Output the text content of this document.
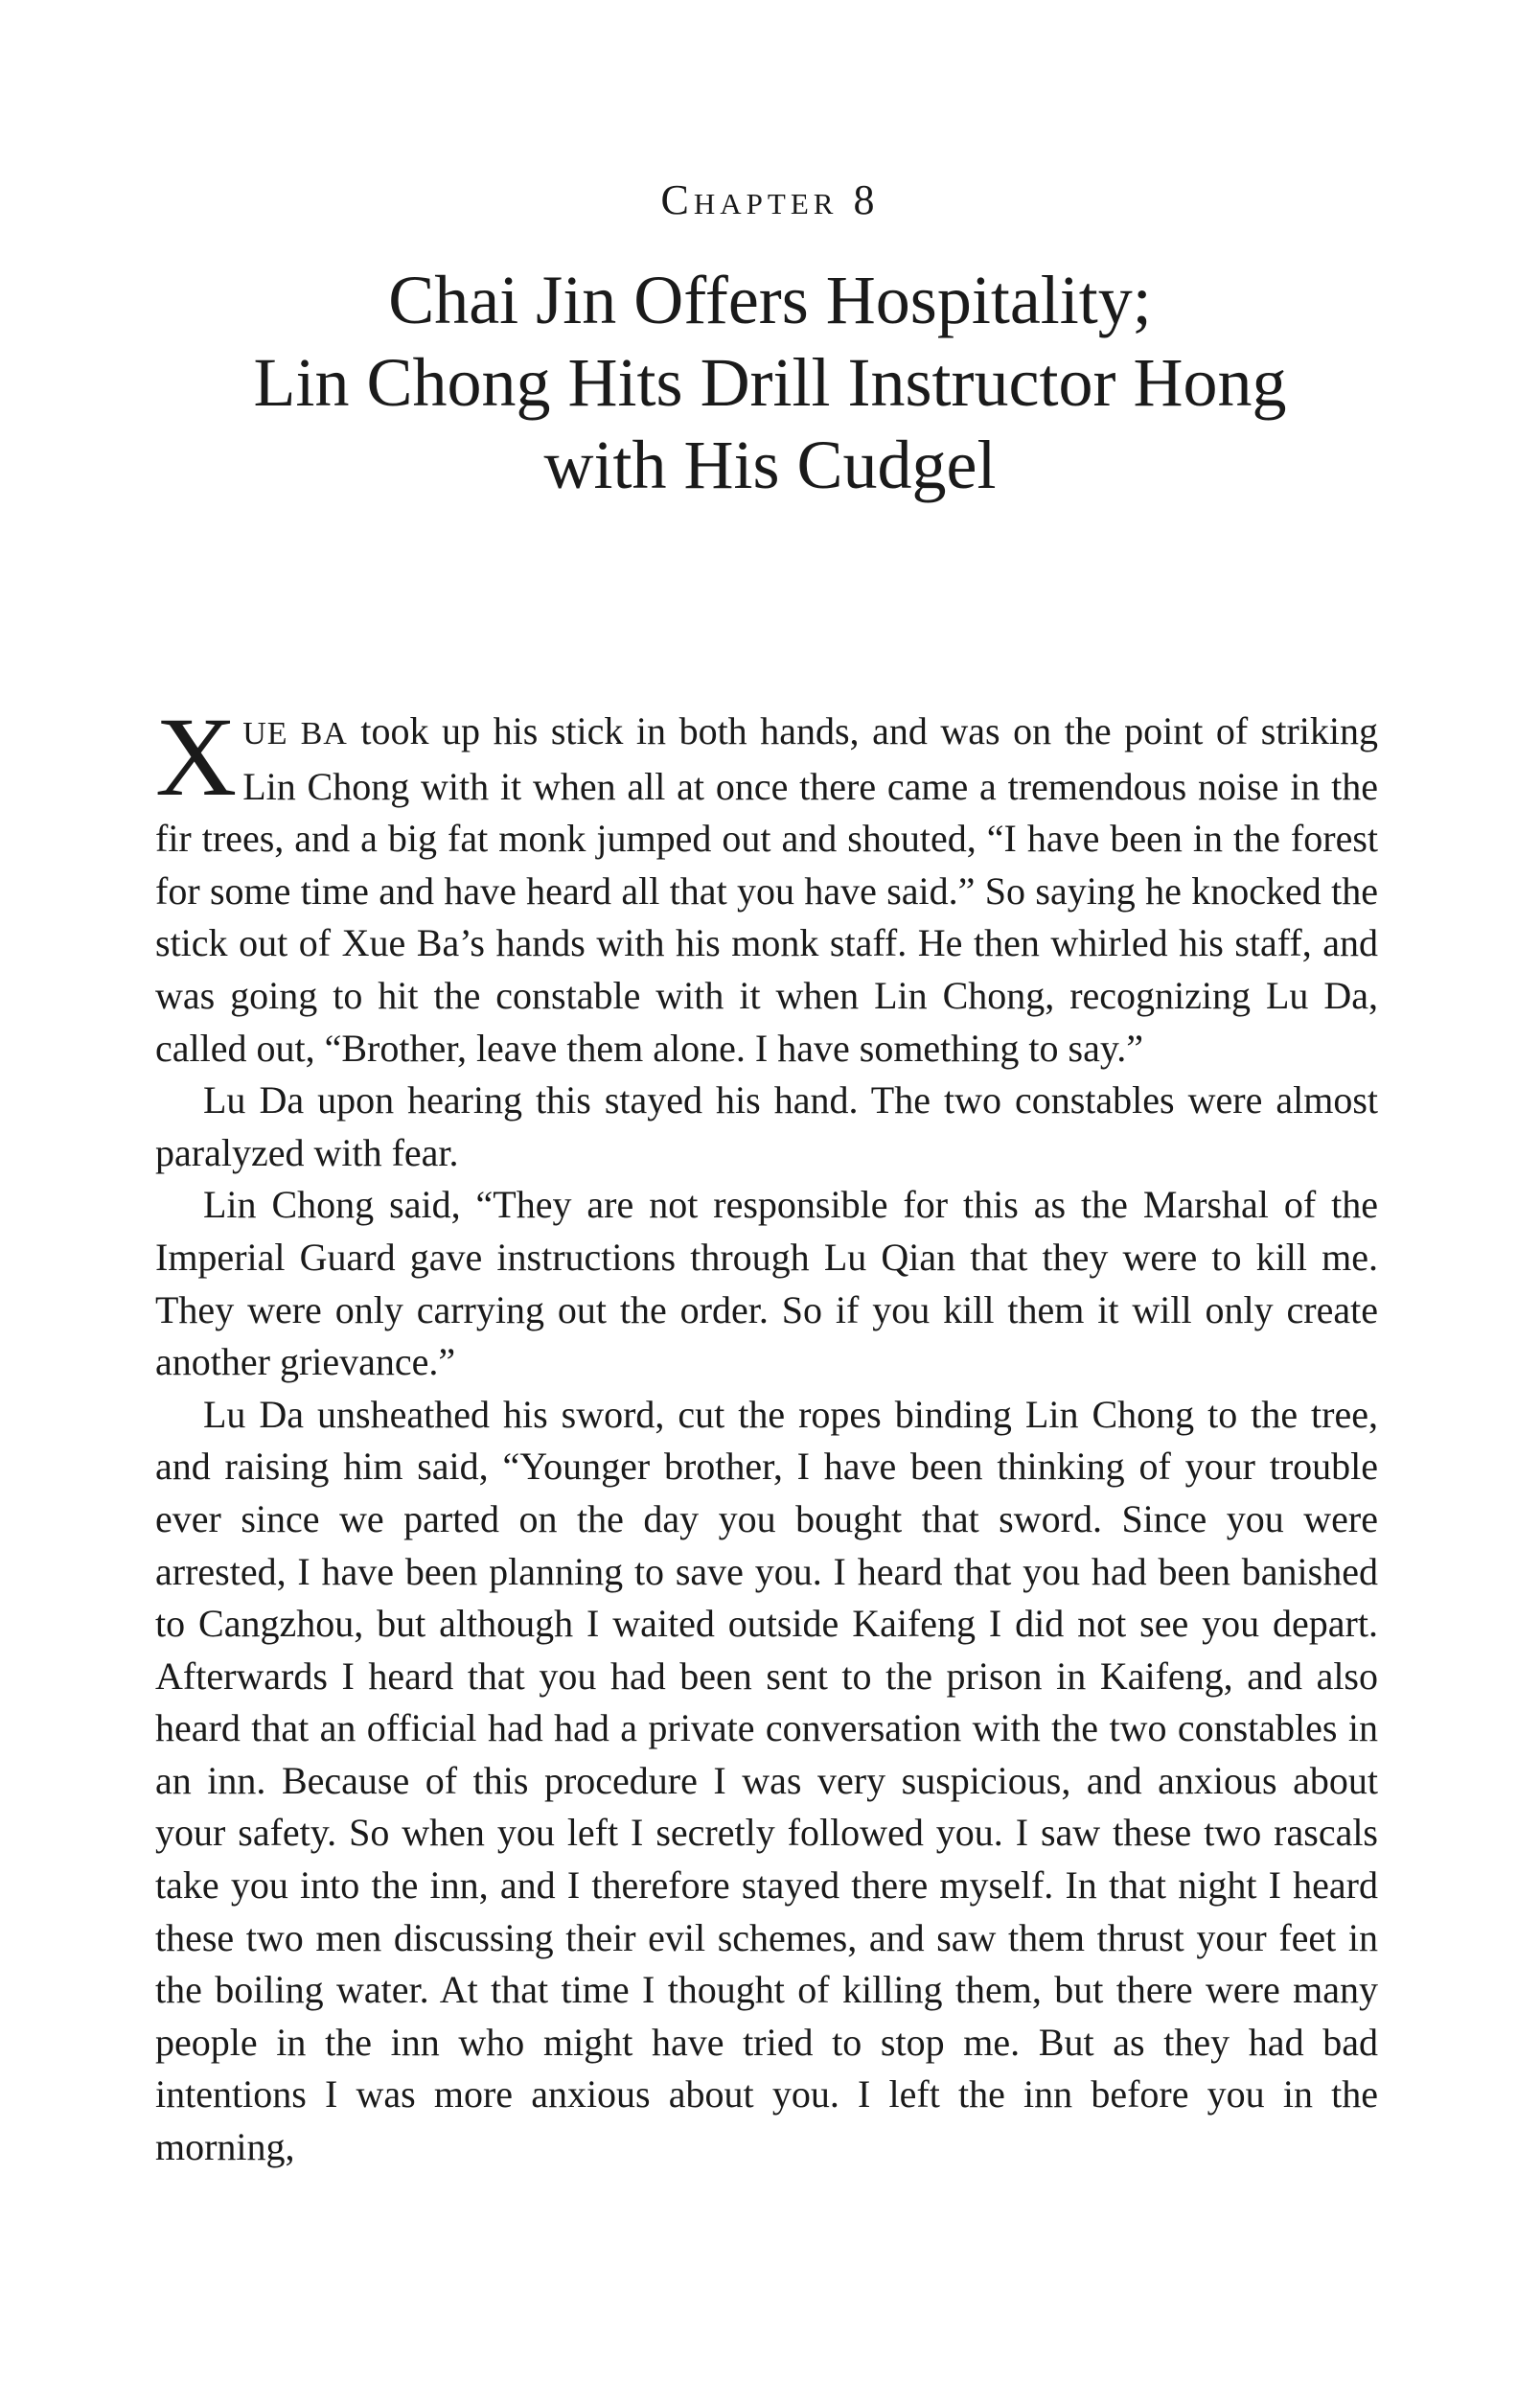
Chapter 8
Chai Jin Offers Hospitality;
Lin Chong Hits Drill Instructor Hong
with His Cudgel

XUE BA took up his stick in both hands, and was on the point of striking Lin Chong with it when all at once there came a tremendous noise in the fir trees, and a big fat monk jumped out and shouted, “I have been in the forest for some time and have heard all that you have said.” So saying he knocked the stick out of Xue Ba’s hands with his monk staff. He then whirled his staff, and was going to hit the constable with it when Lin Chong, recognizing Lu Da, called out, “Brother, leave them alone. I have something to say.”

Lu Da upon hearing this stayed his hand. The two constables were almost paralyzed with fear.

Lin Chong said, “They are not responsible for this as the Marshal of the Imperial Guard gave instructions through Lu Qian that they were to kill me. They were only carrying out the order. So if you kill them it will only create another grievance.”

Lu Da unsheathed his sword, cut the ropes binding Lin Chong to the tree, and raising him said, “Younger brother, I have been thinking of your trouble ever since we parted on the day you bought that sword. Since you were arrested, I have been planning to save you. I heard that you had been banished to Cangzhou, but although I waited outside Kaifeng I did not see you depart. Afterwards I heard that you had been sent to the prison in Kaifeng, and also heard that an official had had a private conversation with the two constables in an inn. Because of this procedure I was very suspicious, and anxious about your safety. So when you left I secretly followed you. I saw these two rascals take you into the inn, and I therefore stayed there myself. In that night I heard these two men discussing their evil schemes, and saw them thrust your feet in the boiling water. At that time I thought of killing them, but there were many people in the inn who might have tried to stop me. But as they had bad intentions I was more anxious about you. I left the inn before you in the morning,
